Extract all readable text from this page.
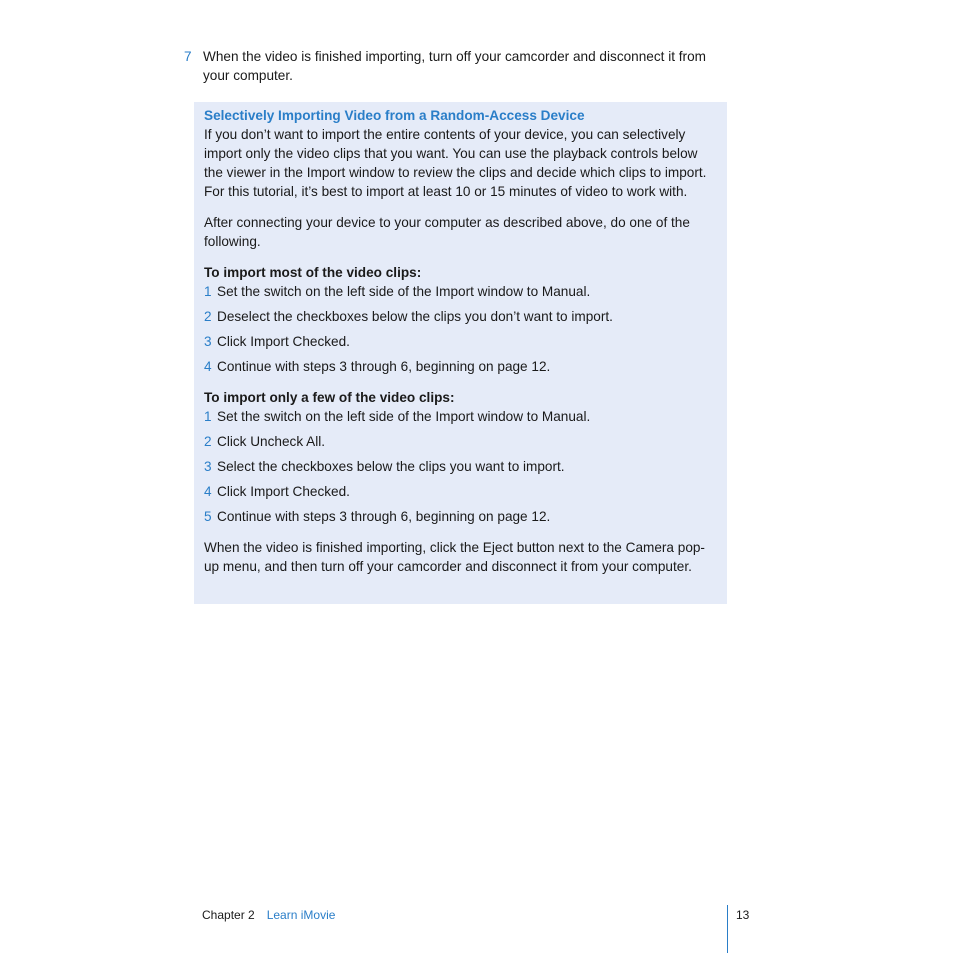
7 When the video is finished importing, turn off your camcorder and disconnect it from your computer.

Selectively Importing Video from a Random-Access Device

If you don’t want to import the entire contents of your device, you can selectively import only the video clips that you want. You can use the playback controls below the viewer in the Import window to review the clips and decide which clips to import. For this tutorial, it’s best to import at least 10 or 15 minutes of video to work with.

After connecting your device to your computer as described above, do one of the following.

To import most of the video clips:

1 Set the switch on the left side of the Import window to Manual.
2 Deselect the checkboxes below the clips you don’t want to import.
3 Click Import Checked.
4 Continue with steps 3 through 6, beginning on page 12.

To import only a few of the video clips:

1 Set the switch on the left side of the Import window to Manual.
2 Click Uncheck All.
3 Select the checkboxes below the clips you want to import.
4 Click Import Checked.
5 Continue with steps 3 through 6, beginning on page 12.

When the video is finished importing, click the Eject button next to the Camera pop-up menu, and then turn off your camcorder and disconnect it from your computer.

Chapter 2 Learn iMovie	13
